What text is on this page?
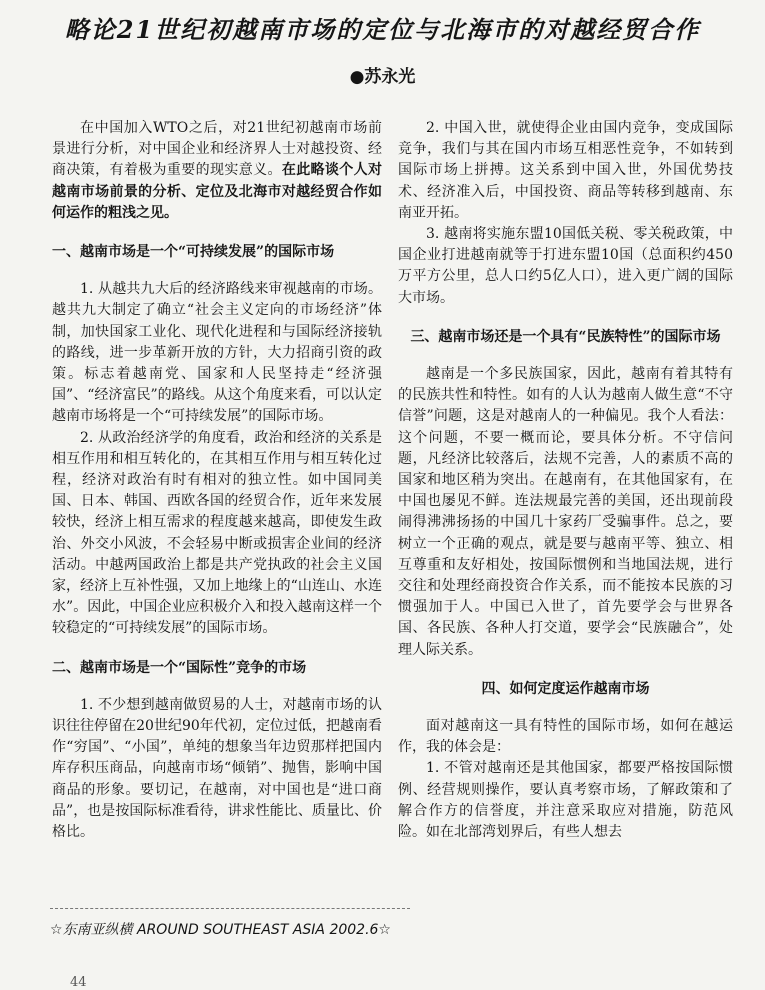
略论21世纪初越南市场的定位与北海市的对越经贸合作
●苏永光

在中国加入WTO之后，对21世纪初越南市场前景进行分析，对中国企业和经济界人士对越投资、经商决策，有着极为重要的现实意义。在此略谈个人对越南市场前景的分析、定位及北海市对越经贸合作如何运作的粗浅之见。

一、越南市场是一个“可持续发展”的国际市场

1. 从越共九大后的经济路线来审视越南的市场。越共九大制定了确立“社会主义定向的市场经济”体制，加快国家工业化、现代化进程和与国际经济接轨的路线，进一步革新开放的方针，大力招商引资的政策。标志着越南党、国家和人民坚持走“经济强国”、“经济富民”的路线。从这个角度来看，可以认定越南市场将是一个“可持续发展”的国际市场。

2. 从政治经济学的角度看，政治和经济的关系是相互作用和相互转化的，在其相互作用与相互转化过程，经济对政治有时有相对的独立性。如中国同美国、日本、韩国、西欧各国的经贸合作，近年来发展较快，经济上相互需求的程度越来越高，即使发生政治、外交小风波，不会轻易中断或损害企业间的经济活动。中越两国政治上都是共产党执政的社会主义国家，经济上互补性强，又加上地缘上的“山连山、水连水”。因此，中国企业应积极介入和投入越南这样一个较稳定的“可持续发展”的国际市场。

二、越南市场是一个“国际性”竞争的市场

1. 不少想到越南做贸易的人士，对越南市场的认识往往停留在20世纪90年代初，定位过低，把越南看作“穷国”、“小国”，单纯的想象当年边贸那样把国内库存积压商品，向越南市场“倾销”、抛售，影响中国商品的形象。要切记，在越南，对中国也是“进口商品”，也是按国际标准看待，讲求性能比、质量比、价格比。

2. 中国入世，就使得企业由国内竞争，变成国际竞争，我们与其在国内市场互相恶性竞争，不如转到国际市场上拼搏。这关系到中国入世，外国优势技术、经济准入后，中国投资、商品等转移到越南、东南亚开拓。

3. 越南将实施东盟10国低关税、零关税政策，中国企业打进越南就等于打进东盟10国（总面积约450万平方公里，总人口约5亿人口），进入更广阔的国际大市场。

三、越南市场还是一个具有“民族特性”的国际市场

越南是一个多民族国家，因此，越南有着其特有的民族共性和特性。如有的人认为越南人做生意“不守信誉”问题，这是对越南人的一种偏见。我个人看法：这个问题，不要一概而论，要具体分析。不守信问题，凡经济比较落后，法规不完善，人的素质不高的国家和地区稍为突出。在越南有，在其他国家有，在中国也屡见不鲜。连法规最完善的美国，还出现前段闹得沸沸扬扬的中国几十家药厂受骗事件。总之，要树立一个正确的观点，就是要与越南平等、独立、相互尊重和友好相处，按国际惯例和当地国法规，进行交往和处理经商投资合作关系，而不能按本民族的习惯强加于人。中国已入世了，首先要学会与世界各国、各民族、各种人打交道，要学会“民族融合”，处理人际关系。

四、如何定度运作越南市场

面对越南这一具有特性的国际市场，如何在越运作，我的体会是：

1. 不管对越南还是其他国家，都要严格按国际惯例、经营规则操作，要认真考察市场，了解政策和了解合作方的信誉度，并注意采取应对措施，防范风险。如在北部湾划界后，有些人想去

☆东南亚纵横 AROUND SOUTHEAST ASIA 2002.6☆
44
